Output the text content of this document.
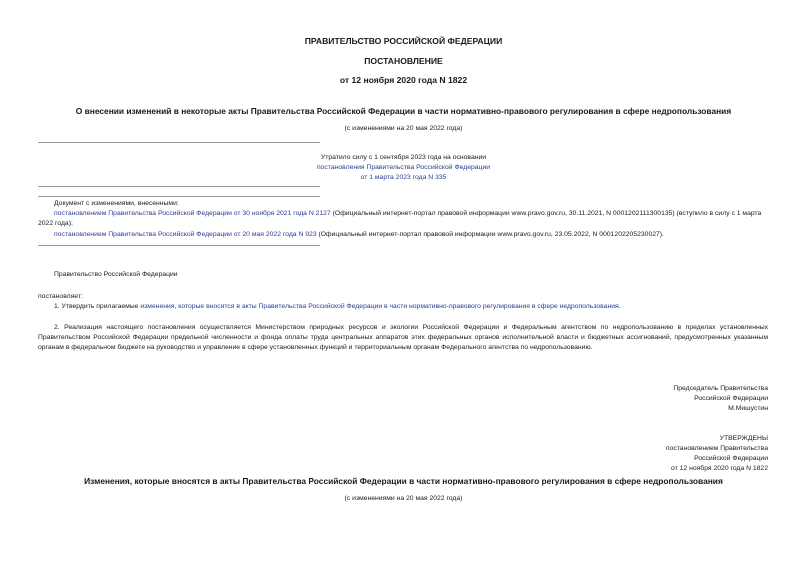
ПРАВИТЕЛЬСТВО РОССИЙСКОЙ ФЕДЕРАЦИИ
ПОСТАНОВЛЕНИЕ
от 12 ноября 2020 года N 1822
О внесении изменений в некоторые акты Правительства Российской Федерации в части нормативно-правового регулирования в сфере недропользования
(с изменениями на 20 мая 2022 года)
Утратило силу с 1 сентября 2023 года на основании
постановления Правительства Российской Федерации
от 1 марта 2023 года N 335
Документ с изменениями, внесенными:
постановлением Правительства Российской Федерации от 30 ноября 2021 года N 2127 (Официальный интернет-портал правовой информации www.pravo.gov.ru, 30.11.2021, N 0001202111300135) (вступило в силу с 1 марта 2022 года);
постановлением Правительства Российской Федерации от 20 мая 2022 года N 923 (Официальный интернет-портал правовой информации www.pravo.gov.ru, 23.05.2022, N 0001202205230027).
Правительство Российской Федерации
постановляет:
1. Утвердить прилагаемые изменения, которые вносятся в акты Правительства Российской Федерации в части нормативно-правового регулирования в сфере недропользования.
2. Реализация настоящего постановления осуществляется Министерством природных ресурсов и экологии Российской Федерации и Федеральным агентством по недропользованию в пределах установленных Правительством Российской Федерации предельной численности и фонда оплаты труда центральных аппаратов этих федеральных органов исполнительной власти и бюджетных ассигнований, предусмотренных указанным органам в федеральном бюджете на руководство и управление в сфере установленных функций и территориальным органам Федерального агентства по недропользованию.
Председатель Правительства
Российской Федерации
М.Мишустин
УТВЕРЖДЕНЫ
постановлением Правительства
Российской Федерации
от 12 ноября 2020 года N 1822
Изменения, которые вносятся в акты Правительства Российской Федерации в части нормативно-правового регулирования в сфере недропользования
(с изменениями на 20 мая 2022 года)
